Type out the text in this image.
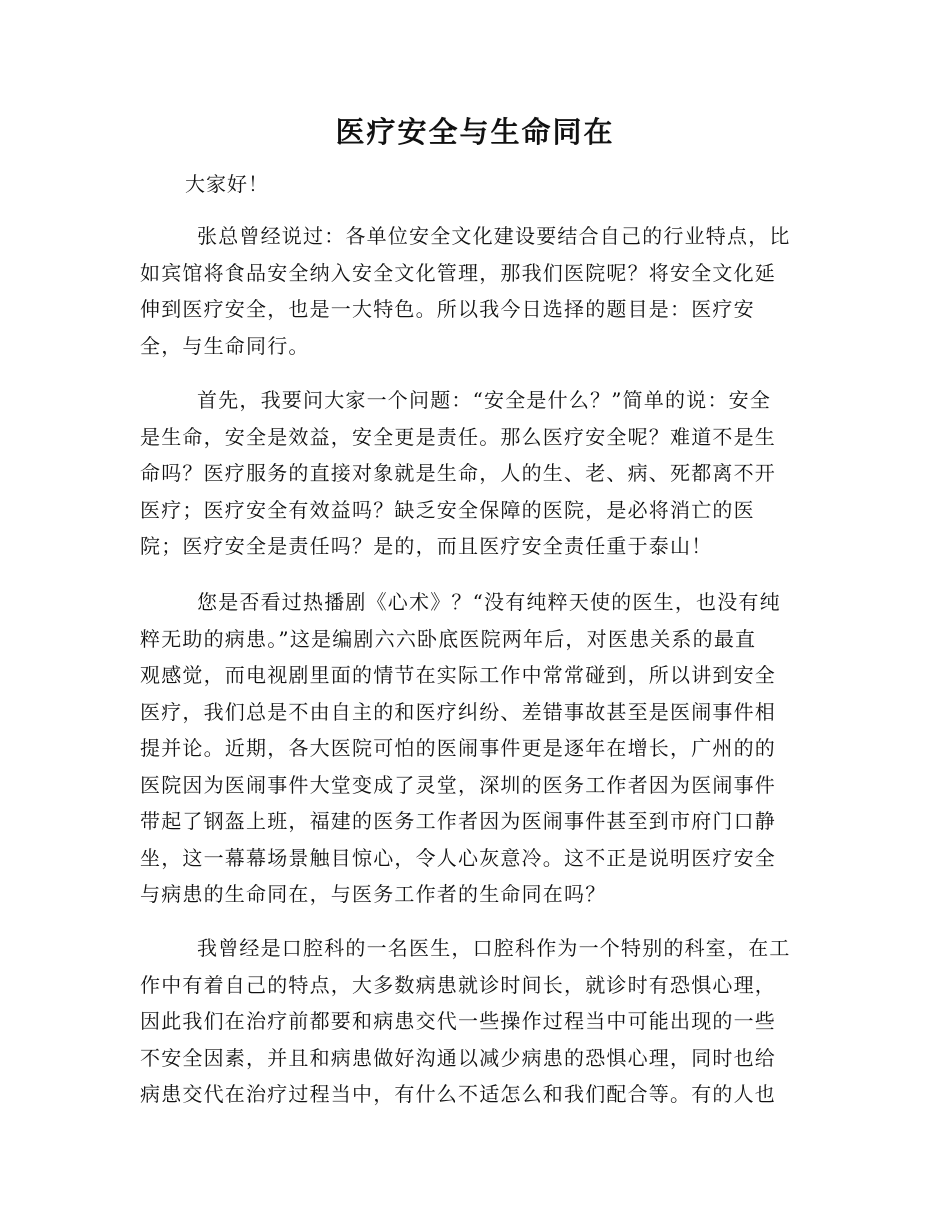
医疗安全与生命同在

大家好！

张总曾经说过：各单位安全文化建设要结合自己的行业特点，比
如宾馆将食品安全纳入安全文化管理，那我们医院呢？将安全文化延
伸到医疗安全，也是一大特色。所以我今日选择的题目是：医疗安
全，与生命同行。
首先，我要问大家一个问题：“安全是什么？”简单的说：安全
是生命，安全是效益，安全更是责任。那么医疗安全呢？难道不是生
命吗？医疗服务的直接对象就是生命，人的生、老、病、死都离不开
医疗；医疗安全有效益吗？缺乏安全保障的医院，是必将消亡的医
院；医疗安全是责任吗？是的，而且医疗安全责任重于泰山！
您是否看过热播剧《心术》？“没有纯粹天使的医生，也没有纯
粹无助的病患。”这是编剧六六卧底医院两年后，对医患关系的最直
观感觉，而电视剧里面的情节在实际工作中常常碰到，所以讲到安全
医疗，我们总是不由自主的和医疗纠纷、差错事故甚至是医闹事件相
提并论。近期，各大医院可怕的医闹事件更是逐年在增长，广州的的
医院因为医闹事件大堂变成了灵堂，深圳的医务工作者因为医闹事件
带起了钢盔上班，福建的医务工作者因为医闹事件甚至到市府门口静
坐，这一幕幕场景触目惊心，令人心灰意冷。这不正是说明医疗安全
与病患的生命同在，与医务工作者的生命同在吗？
我曾经是口腔科的一名医生，口腔科作为一个特别的科室，在工
作中有着自己的特点，大多数病患就诊时间长，就诊时有恐惧心理，
因此我们在治疗前都要和病患交代一些操作过程当中可能出现的一些
不安全因素，并且和病患做好沟通以减少病患的恐惧心理，同时也给
病患交代在治疗过程当中，有什么不适怎么和我们配合等。有的人也
